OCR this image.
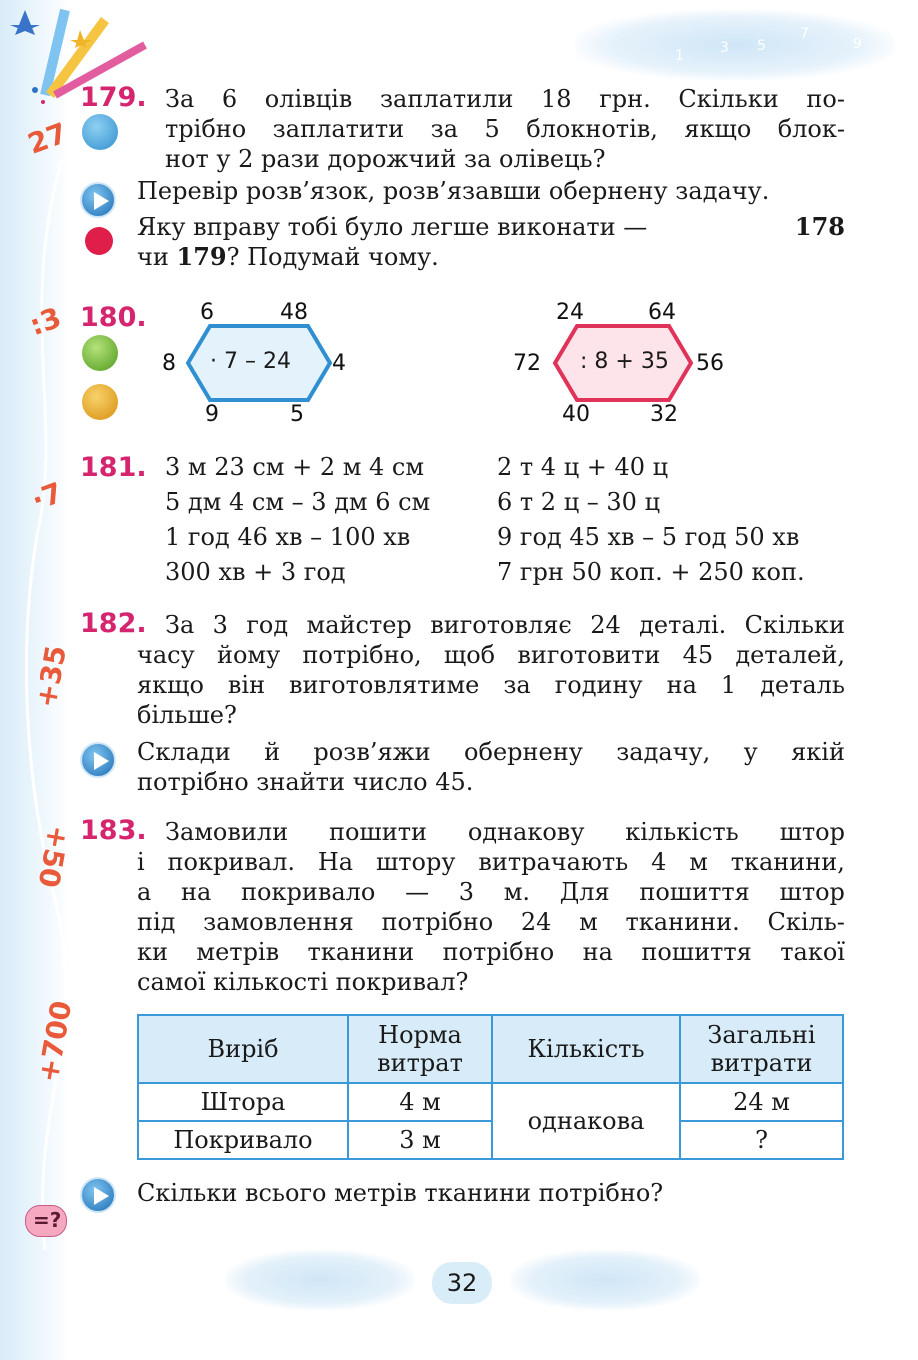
27
:3
·7
+35
+50
+700
1	3 5
7
9
179. За 6 олівців заплатили 18 грн. Скільки по-
трібно заплатити за 5 блокнотів, якщо блок-
нот у 2 рази дорожчий за олівець?
Перевір розв’язок, розв’язавши обернену задачу.
Яку вправу тобі було легше виконати —	178
чи 179? Подумай чому.
180.
· 7 – 24
6	48
8	4
9	5
: 8 + 35
24	64
72	56
40	32
181. 3 м 23 см + 2 м 4 см
5 дм 4 см – 3 дм 6 см
1 год 46 хв – 100 хв
300 хв + 3 год
2 т 4 ц + 40 ц
6 т 2 ц – 30 ц
9 год 45 хв – 5 год 50 хв
7 грн 50 коп. + 250 коп.
182. За 3 год майстер виготовляє 24 деталі. Скільки
часу йому потрібно, щоб виготовити 45 деталей,
якщо він виготовлятиме за годину на 1 деталь
більше?
Склади й розв’яжи обернену задачу, у якій
потрібно знайти число 45.
183. Замовили пошити однакову кількість штор
і покривал. На штору витрачають 4 м тканини,
а на покривало — 3 м. Для пошиття штор
під замовлення потрібно 24 м тканини. Скіль-
ки метрів тканини потрібно на пошиття такої
самої кількості покривал?
Виріб	Норма витрат	Кількість	Загальні витрати
Штора	4 м	однакова	24 м
Покривало	3 м		?
Скільки всього метрів тканини потрібно?
=?
32
